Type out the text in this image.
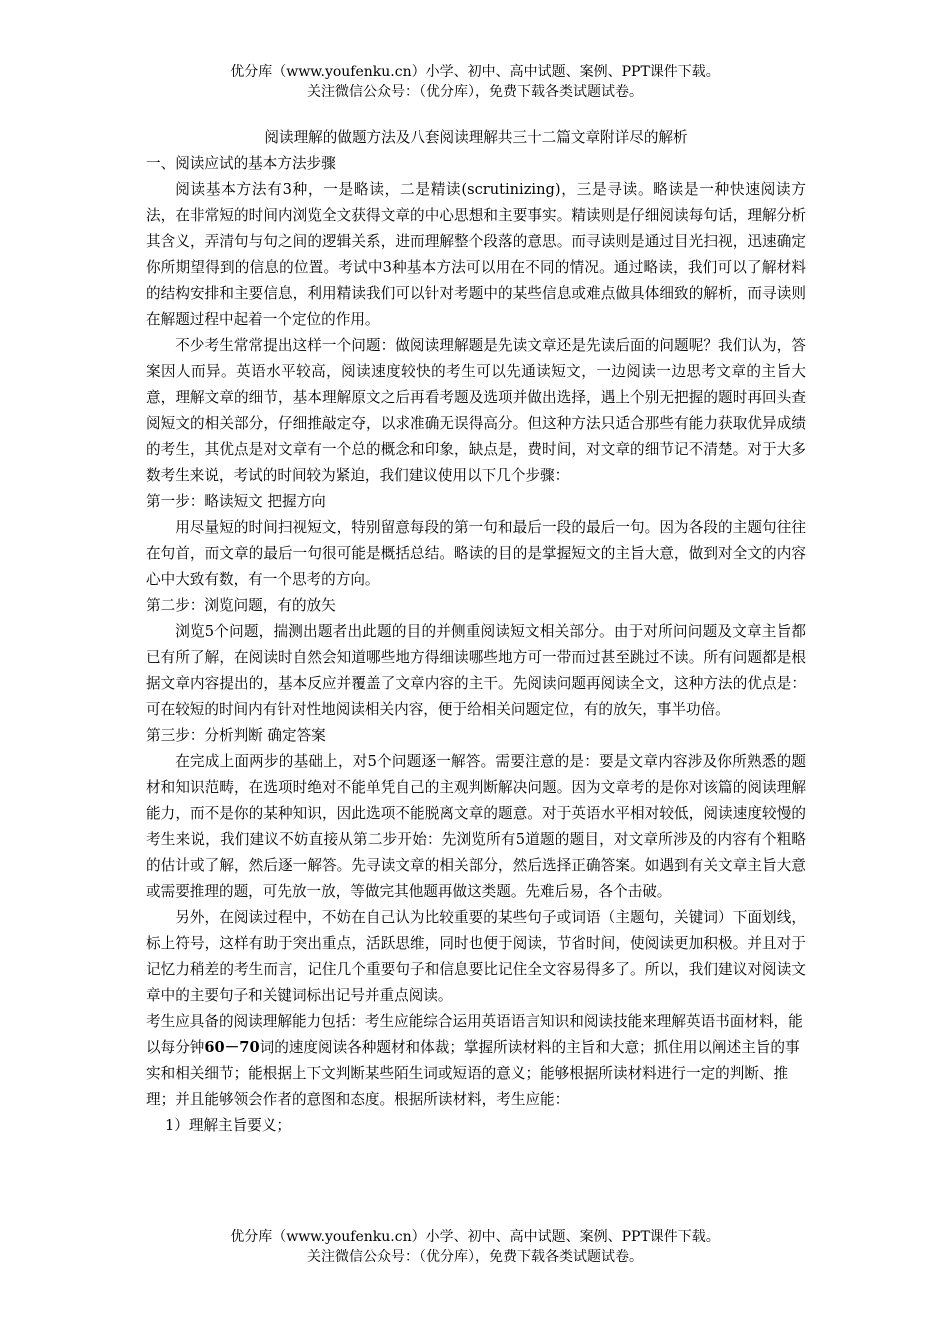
优分库（www.youfenku.cn）小学、初中、高中试题、案例、PPT课件下载。
关注微信公众号：（优分库），免费下载各类试题试卷。

阅读理解的做题方法及八套阅读理解共三十二篇文章附详尽的解析

一、阅读应试的基本方法步骤

阅读基本方法有3种，一是略读，二是精读(scrutinizing)，三是寻读。略读是一种快速阅读方法，在非常短的时间内浏览全文获得文章的中心思想和主要事实。精读则是仔细阅读每句话，理解分析其含义，弄清句与句之间的逻辑关系，进而理解整个段落的意思。而寻读则是通过目光扫视，迅速确定你所期望得到的信息的位置。考试中3种基本方法可以用在不同的情况。通过略读，我们可以了解材料的结构安排和主要信息，利用精读我们可以针对考题中的某些信息或难点做具体细致的解析，而寻读则在解题过程中起着一个定位的作用。

不少考生常常提出这样一个问题：做阅读理解题是先读文章还是先读后面的问题呢？我们认为，答案因人而异。英语水平较高，阅读速度较快的考生可以先通读短文，一边阅读一边思考文章的主旨大意，理解文章的细节，基本理解原文之后再看考题及选项并做出选择，遇上个别无把握的题时再回头查阅短文的相关部分，仔细推敲定夺，以求准确无误得高分。但这种方法只适合那些有能力获取优异成绩的考生，其优点是对文章有一个总的概念和印象，缺点是，费时间，对文章的细节记不清楚。对于大多数考生来说，考试的时间较为紧迫，我们建议使用以下几个步骤：

第一步：略读短文 把握方向

用尽量短的时间扫视短文，特别留意每段的第一句和最后一段的最后一句。因为各段的主题句往往在句首，而文章的最后一句很可能是概括总结。略读的目的是掌握短文的主旨大意，做到对全文的内容心中大致有数，有一个思考的方向。

第二步：浏览问题，有的放矢

浏览5个问题，揣测出题者出此题的目的并侧重阅读短文相关部分。由于对所问问题及文章主旨都已有所了解，在阅读时自然会知道哪些地方得细读哪些地方可一带而过甚至跳过不读。所有问题都是根据文章内容提出的，基本反应并覆盖了文章内容的主干。先阅读问题再阅读全文，这种方法的优点是：可在较短的时间内有针对性地阅读相关内容，便于给相关问题定位，有的放矢，事半功倍。

第三步：分析判断 确定答案

在完成上面两步的基础上，对5个问题逐一解答。需要注意的是：要是文章内容涉及你所熟悉的题材和知识范畴，在选项时绝对不能单凭自己的主观判断解决问题。因为文章考的是你对该篇的阅读理解能力，而不是你的某种知识，因此选项不能脱离文章的题意。对于英语水平相对较低，阅读速度较慢的考生来说，我们建议不妨直接从第二步开始：先浏览所有5道题的题目，对文章所涉及的内容有个粗略的估计或了解，然后逐一解答。先寻读文章的相关部分，然后选择正确答案。如遇到有关文章主旨大意或需要推理的题，可先放一放，等做完其他题再做这类题。先难后易，各个击破。

另外，在阅读过程中，不妨在自己认为比较重要的某些句子或词语（主题句，关键词）下面划线，标上符号，这样有助于突出重点，活跃思维，同时也便于阅读，节省时间，使阅读更加积极。并且对于记忆力稍差的考生而言，记住几个重要句子和信息要比记住全文容易得多了。所以，我们建议对阅读文章中的主要句子和关键词标出记号并重点阅读。

考生应具备的阅读理解能力包括：考生应能综合运用英语语言知识和阅读技能来理解英语书面材料，能以每分钟60－70词的速度阅读各种题材和体裁；掌握所读材料的主旨和大意；抓住用以阐述主旨的事实和相关细节；能根据上下文判断某些陌生词或短语的意义；能够根据所读材料进行一定的判断、推理；并且能够领会作者的意图和态度。根据所读材料，考生应能：

1）理解主旨要义；

优分库（www.youfenku.cn）小学、初中、高中试题、案例、PPT课件下载。
关注微信公众号：（优分库），免费下载各类试题试卷。
